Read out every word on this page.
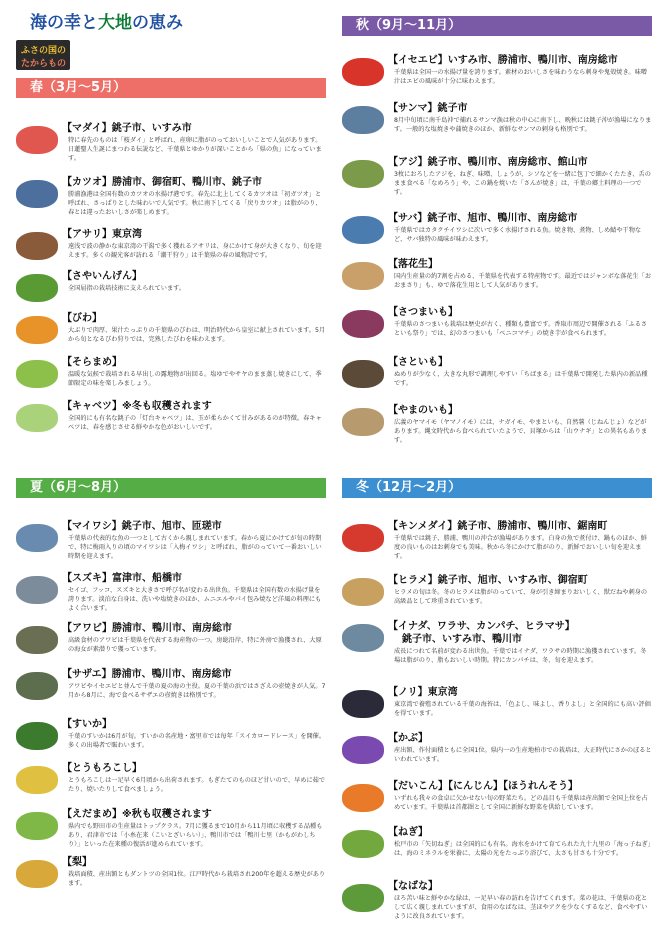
海の幸と大地の恵み
ふさの国の
たからもの
春（3月～5月）
秋（9月～11月）
夏（6月～8月）	冬（12月～2月）
【マダイ】銚子市、いすみ市
特に春先のものは「桜ダイ」と呼ばれ、産卵に脂がのっておいしいことで人気があります。日蓮聖人生誕にまつわる伝説など、千葉県とゆかりが深いことから「県の魚」になっています。
【カツオ】勝浦市、御宿町、鴨川市、銚子市
勝浦漁港は全国有数のカツオの水揚げ港です。春先に北上してくるカツオは「初ガツオ」と呼ばれ、さっぱりとした味わいで人気です。秋に南下してくる「戻りカツオ」は脂がのり、春とは違ったおいしさが楽しめます。
【アサリ】東京湾
遠浅で波の静かな東京湾の干潟で多く獲れるアサリは、身にかけて身が大きくなり、旬を迎えます。多くの観光客が訪れる「潮干狩り」は千葉県の春の風物詩です。
【さやいんげん】
全国屈指の栽培技術に支えられています。
【びわ】
大ぶりで肉厚、果汁たっぷりの千葉県のびわは、明治時代から皇室に献上されています。5月から旬となるびわ狩りでは、完熟したびわを味わえます。
【そらまめ】
温暖な気候で栽培される早出しの露地物が出回る。塩ゆでやサヤのまま蒸し焼きにして、季節限定の味を楽しみましょう。
【キャベツ】※冬も収穫されます
全国的にも有名な銚子の「灯台キャベツ」は、玉が柔らかくて甘みがあるのが特徴。春キャベツは、春を感じさせる鮮やかな色がおいしいです。
【イセエビ】いすみ市、勝浦市、鴨川市、南房総市
千葉県は全国一の水揚げ量を誇ります。素材のおいしさを味わうなら刺身や鬼殻焼き。味噌汁はエビの風味が十分に味わえます。
【サンマ】銚子市
8月中旬頃に南千島沖で捕れるサンマ漁は秋の中心に南下し、晩秋には銚子沖が漁場になります。一般的な塩焼きや蒲焼きのほか、新鮮なサンマの刺身も格別です。
【アジ】銚子市、鴨川市、南房総市、館山市
3枚におろしたアジを、ねぎ、味噌、しょうが、シソなどを一緒に包丁で細かくたたき、舌のまま食べる「なめろう」や、この鍋を焼いた「さんが焼き」は、千葉の郷土料理の一つです。
【サバ】銚子市、旭市、鴨川市、南房総市
千葉県ではカタクチイワシに次いで多く水揚げされる魚。焼き物、煮物、しめ鯖や干物など、サバ独特の風味が味わえます。
【落花生】
国内生産量の約7割を占める、千葉県を代表する特産物です。最近ではジャンボな落花生「おおまさり」も、ゆで落花生用として人気があります。
【さつまいも】
千葉県のさつまいも栽培は歴史が古く、種類も豊富です。香取市周辺で開催される「ふるさといも祭り」では、幻のさつまいも「ベニコマチ」の焼き芋が食べられます。
【さといも】
ぬめりが少なく、大きな丸形で調理しやすい「ちばまる」は千葉県で開発した県内の新品種です。
【やまのいも】
広義のヤマイモ（ヤマノイモ）には、ナガイモ、やまといも、自然薯（じねんじょ）などがあります。縄文時代から食べられていたようで、貝塚からは「山ウナギ」との異名もあります。
【マイワシ】銚子市、旭市、匝瑳市
千葉県の代表的な魚の一つとして古くから親しまれています。春から夏にかけてが旬の時期で、特に梅雨入りの頃のマイワシは「入梅イワシ」と呼ばれ、脂がのっていて一番おいしい時期を迎えます。
【スズキ】富津市、船橋市
セイゴ、フッコ、スズキと大きさで呼び名が変わる出世魚。千葉県は全国有数の水揚げ量を誇ります。淡泊な白身は、洗いや塩焼きのほか、ムニエルやパイ包み焼など洋風の料理にもよく合います。
【アワビ】勝浦市、鴨川市、南房総市
高級食材のアワビは千葉県を代表する海産物の一つ。房総沿岸、特に外房で漁獲され、大原の海女が素潜りで獲っています。
【サザエ】勝浦市、鴨川市、南房総市
アワビやイセエビと並んで千葉の夏の海の主役。夏の千葉の浜ではさざえの壺焼きが人気。7月から8月に、海で食べるサザエの壺焼きは格別です。
【すいか】
千葉のすいかは6月が旬。すいかの名産地・富里市では毎年「スイカロードレース」を開催。多くの出場者で賑わいます。
【とうもろこし】
とうもろこしは一足早く6月頃から出荷されます。もぎたてのものほど甘いので、早めに茹でたり、焼いたりして食べましょう。
【えだまめ】※秋も収穫されます
県内でも野田市の生産量はトップクラス。7月に獲るまで10月から11月頃に収穫する品種もあり、君津市では「小糸在来（こいとざいらい）」、鴨川市では「鴨川七里（かもがわしちり）」といった在来種の復活が進められています。
【梨】
栽培面積、産出額ともダントツの全国1位。江戸時代から栽培され200年を超える歴史があります。
【キンメダイ】銚子市、勝浦市、鴨川市、鋸南町
千葉県では銚子、勝浦、鴨川の沖合が漁場があります。白身の魚で煮付け、鍋ものほか、鮮度の良いものはお刺身でも美味。秋から冬にかけて脂がのり、新鮮でおいしい旬を迎えます。
【ヒラメ】銚子市、旭市、いすみ市、御宿町
ヒラメの旬は冬。冬のヒラメは脂がのっていて、身が引き締まりおいしく、獣だねや刺身の高級品として珍重されています。
【イナダ、ワラサ、カンパチ、ヒラマサ】
銚子市、いすみ市、鴨川市
成長につれて名前が変わる出世魚。千葉ではイナダ、ワラサの時期に漁獲されています。冬場は脂がのり、脂もおいしい時期。特にカンパチは、冬、旬を迎えます。
【ノリ】東京湾
東京湾で養殖されている千葉の海苔は、「色よし、味よし、香りよし」と全国的にも高い評価を得ています。
【かぶ】
産出額、作付面積ともに全国1位。県内一の生産地柏市での栽培は、大正時代にさかのぼるといわれています。
【だいこん】【にんじん】【ほうれんそう】
いずれも我々の食卓に欠かせない旬の野菜たち。どの品目も千葉県は産出額で全国上位を占めています。千葉県は首都圏として全国に新鮮な野菜を供給しています。
【ねぎ】
松戸市の「矢切ねぎ」は全国的にも有名。海水をかけて育てられた九十九里の「海っ子ねぎ」は、海のミネラルを栄養に、太陽の光をたっぷり浴びて、太さも甘さも十分です。
【なばな】
ほろ苦い味と鮮やかな緑は、一足早い春の訪れを告げてくれます。菜の花は、千葉県の花として広く親しまれていますが、食用のなばなは、茎ほやアクを少なくするなど、食べやすいように改良されています。
